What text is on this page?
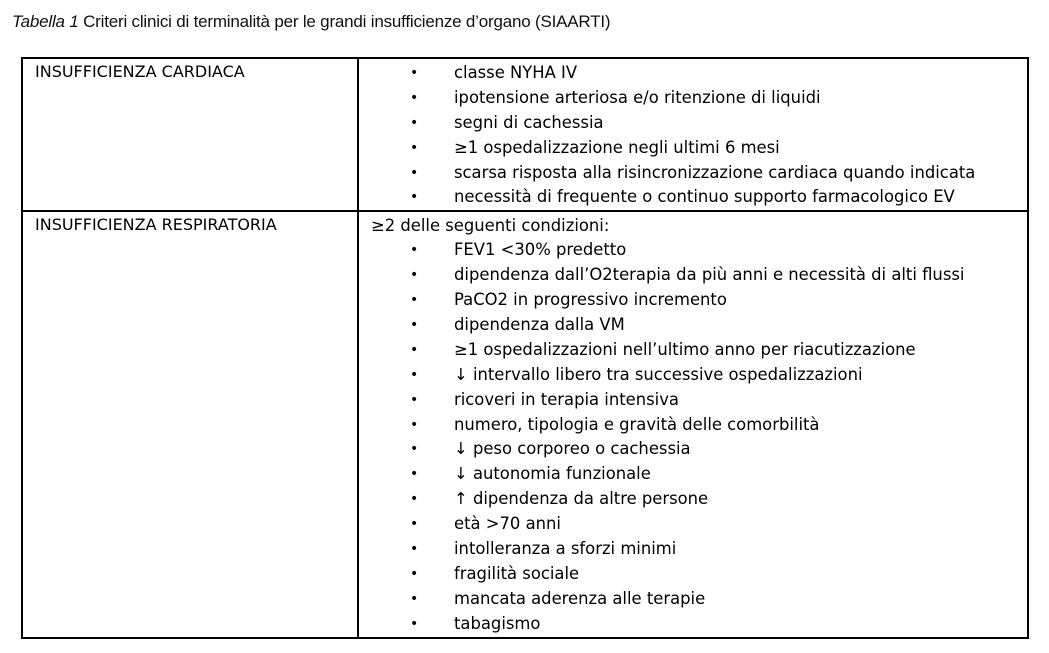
Tabella 1 Criteri clinici di terminalità per le grandi insufficienze d’organo (SIAARTI)
INSUFFICIENZA CARDIACA	• classe NYHA IV
• ipotensione arteriosa e/o ritenzione di liquidi
• segni di cachessia
• ≥1 ospedalizzazione negli ultimi 6 mesi
• scarsa risposta alla risincronizzazione cardiaca quando indicata
• necessità di frequente o continuo supporto farmacologico EV

INSUFFICIENZA RESPIRATORIA	≥2 delle seguenti condizioni:
• FEV1 <30% predetto
• dipendenza dall’O2terapia da più anni e necessità di alti flussi
• PaCO2 in progressivo incremento
• dipendenza dalla VM
• ≥1 ospedalizzazioni nell’ultimo anno per riacutizzazione
• ↓ intervallo libero tra successive ospedalizzazioni
• ricoveri in terapia intensiva
• numero, tipologia e gravità delle comorbilità
• ↓ peso corporeo o cachessia
• ↓ autonomia funzionale
• ↑ dipendenza da altre persone
• età >70 anni
• intolleranza a sforzi minimi
• fragilità sociale
• mancata aderenza alle terapie
• tabagismo
